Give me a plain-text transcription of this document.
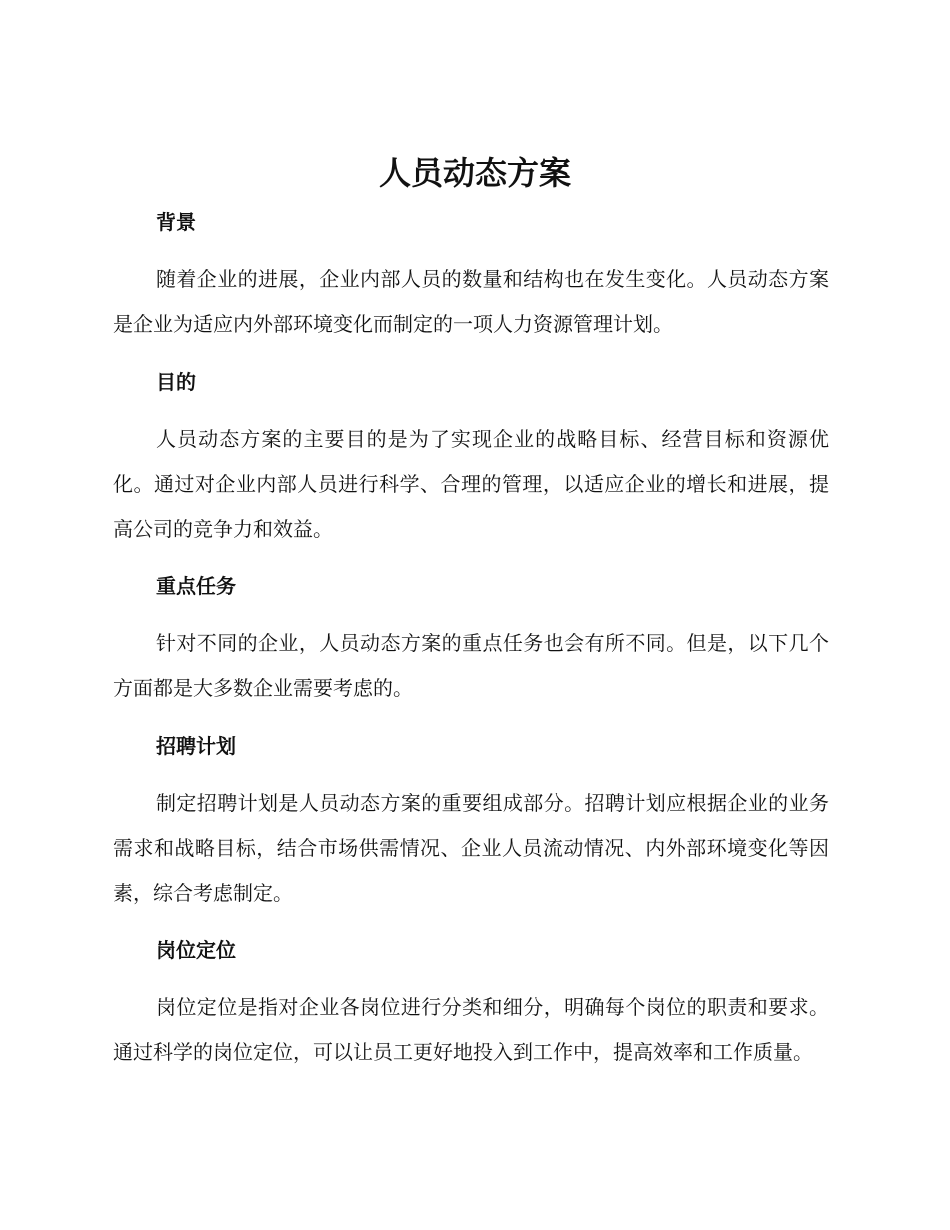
人员动态方案
背景

随着企业的进展，企业内部人员的数量和结构也在发生变化。人员动态方案是企业为适应内外部环境变化而制定的一项人力资源管理计划。

目的

人员动态方案的主要目的是为了实现企业的战略目标、经营目标和资源优化。通过对企业内部人员进行科学、合理的管理，以适应企业的增长和进展，提高公司的竞争力和效益。

重点任务

针对不同的企业，人员动态方案的重点任务也会有所不同。但是，以下几个方面都是大多数企业需要考虑的。

招聘计划

制定招聘计划是人员动态方案的重要组成部分。招聘计划应根据企业的业务需求和战略目标，结合市场供需情况、企业人员流动情况、内外部环境变化等因素，综合考虑制定。

岗位定位

岗位定位是指对企业各岗位进行分类和细分，明确每个岗位的职责和要求。通过科学的岗位定位，可以让员工更好地投入到工作中，提高效率和工作质量。
